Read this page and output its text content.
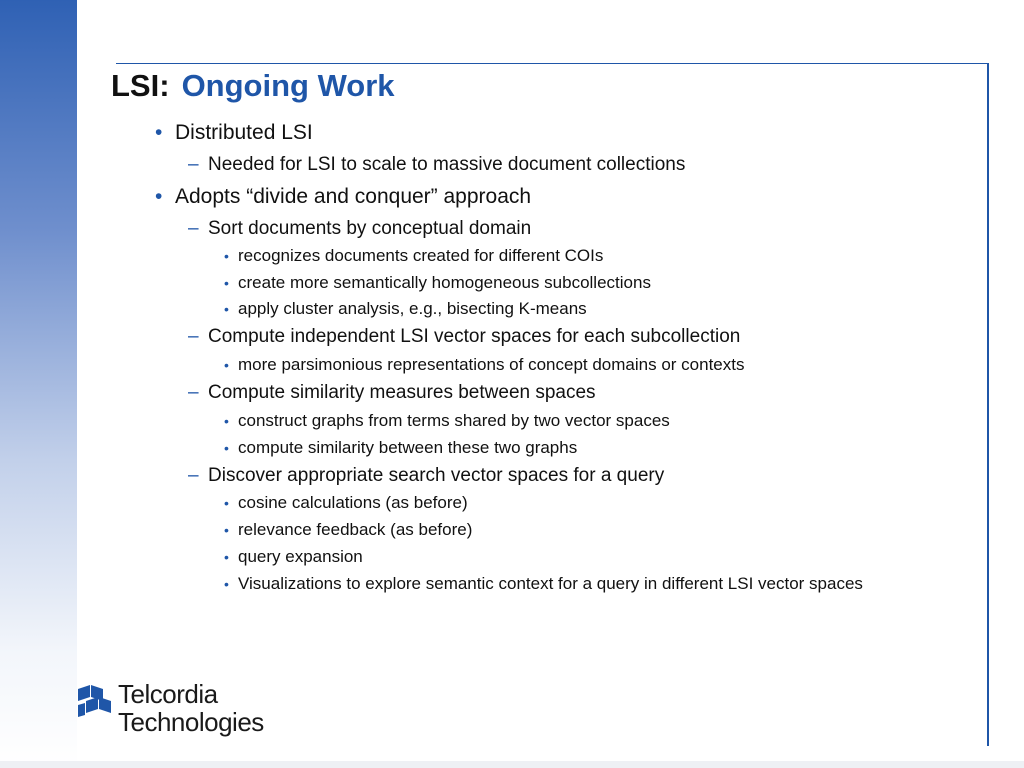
LSI: Ongoing Work
• Distributed LSI
– Needed for LSI to scale to massive document collections
• Adopts “divide and conquer” approach
– Sort documents by conceptual domain
• recognizes documents created for different COIs
• create more semantically homogeneous subcollections
• apply cluster analysis, e.g., bisecting K-means
– Compute independent LSI vector spaces for each subcollection
• more parsimonious representations of concept domains or contexts
– Compute similarity measures between spaces
• construct graphs from terms shared by two vector spaces
• compute similarity between these two graphs
– Discover appropriate search vector spaces for a query
• cosine calculations (as before)
• relevance feedback (as before)
• query expansion
• Visualizations to explore semantic context for a query in different LSI vector spaces
Telcordia
Technologies
